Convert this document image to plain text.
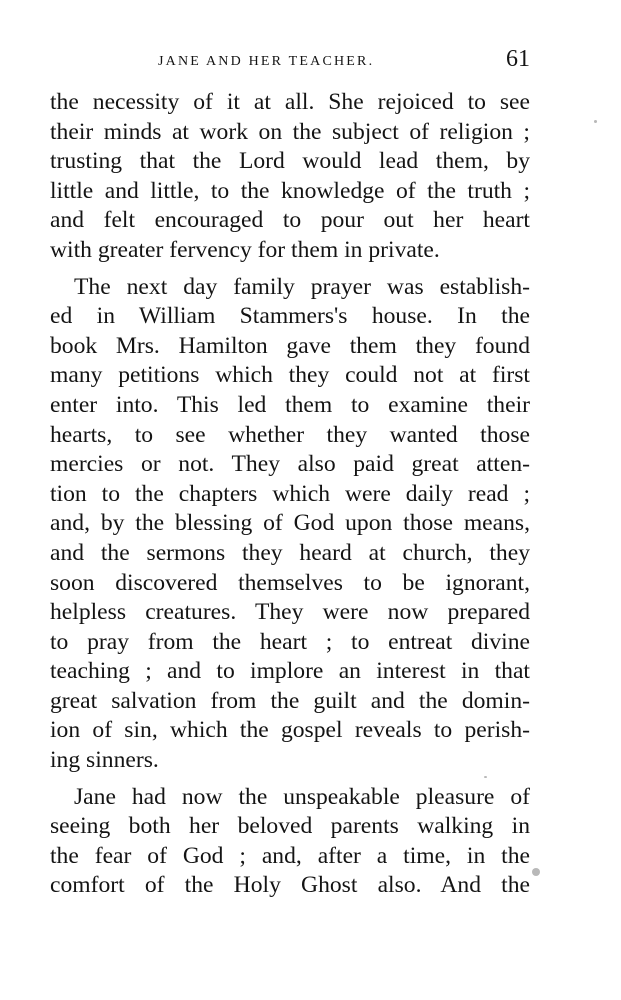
JANE AND HER TEACHER.	61
the necessity of it at all. She rejoiced to see
their minds at work on the subject of religion ;
trusting that the Lord would lead them, by
little and little, to the knowledge of the truth ;
and felt encouraged to pour out her heart
with greater fervency for them in private.
The next day family prayer was establish-
ed in William Stammers's house. In the
book Mrs. Hamilton gave them they found
many petitions which they could not at first
enter into. This led them to examine their
hearts, to see whether they wanted those
mercies or not. They also paid great atten-
tion to the chapters which were daily read ;
and, by the blessing of God upon those means,
and the sermons they heard at church, they
soon discovered themselves to be ignorant,
helpless creatures. They were now prepared
to pray from the heart ; to entreat divine
teaching ; and to implore an interest in that
great salvation from the guilt and the domin-
ion of sin, which the gospel reveals to perish-
ing sinners.
Jane had now the unspeakable pleasure of
seeing both her beloved parents walking in
the fear of God ; and, after a time, in the
comfort of the Holy Ghost also. And the
